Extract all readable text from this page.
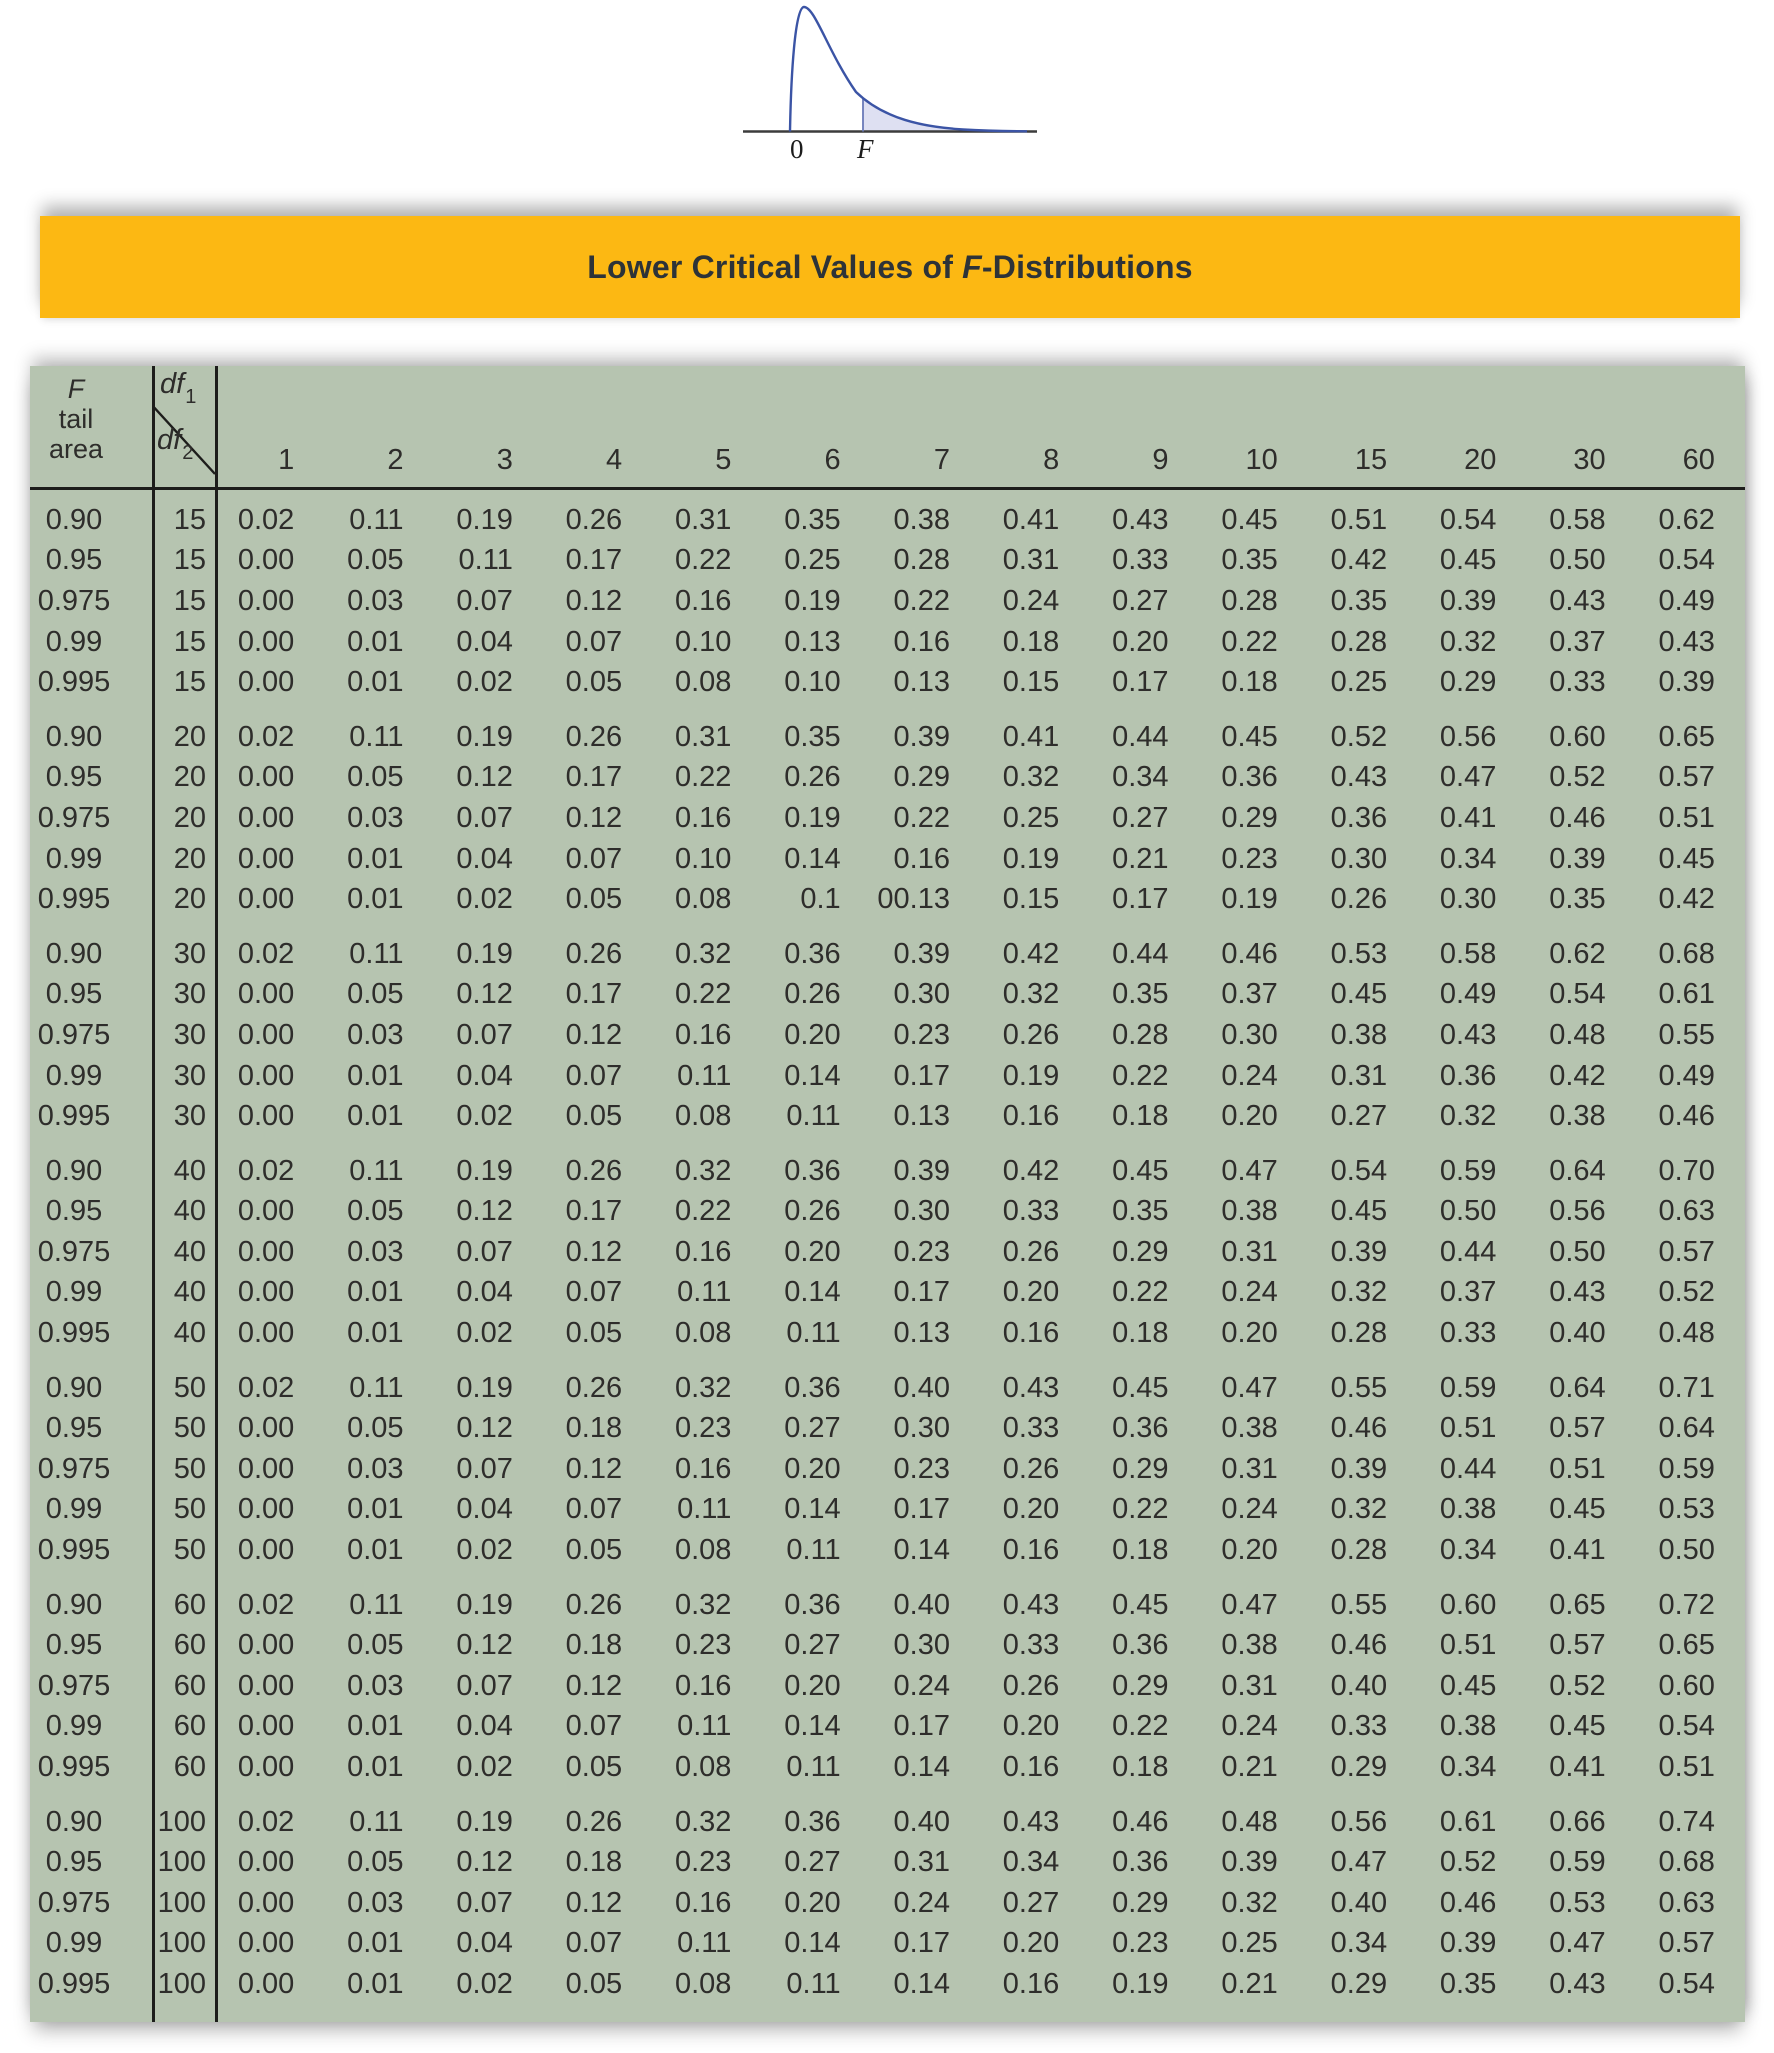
0 F
Lower Critical Values of F-Distributions
F
tail
area
$df_1$
$df_2$	1	2	3	4	5	6	7	8	9	10	15	20	30	60
0.90	15	0.02	0.11	0.19	0.26	0.31	0.35	0.38	0.41	0.43	0.45	0.51	0.54	0.58	0.62
0.95	15	0.00	0.05	0.11	0.17	0.22	0.25	0.28	0.31	0.33	0.35	0.42	0.45	0.50	0.54
0.975	15	0.00	0.03	0.07	0.12	0.16	0.19	0.22	0.24	0.27	0.28	0.35	0.39	0.43	0.49
0.99	15	0.00	0.01	0.04	0.07	0.10	0.13	0.16	0.18	0.20	0.22	0.28	0.32	0.37	0.43
0.995	15	0.00	0.01	0.02	0.05	0.08	0.10	0.13	0.15	0.17	0.18	0.25	0.29	0.33	0.39
0.90	20	0.02	0.11	0.19	0.26	0.31	0.35	0.39	0.41	0.44	0.45	0.52	0.56	0.60	0.65
0.95	20	0.00	0.05	0.12	0.17	0.22	0.26	0.29	0.32	0.34	0.36	0.43	0.47	0.52	0.57
0.975	20	0.00	0.03	0.07	0.12	0.16	0.19	0.22	0.25	0.27	0.29	0.36	0.41	0.46	0.51
0.99	20	0.00	0.01	0.04	0.07	0.10	0.14	0.16	0.19	0.21	0.23	0.30	0.34	0.39	0.45
0.995	20	0.00	0.01	0.02	0.05	0.08	0.1	00.13	0.15	0.17	0.19	0.26	0.30	0.35	0.42
0.90	30	0.02	0.11	0.19	0.26	0.32	0.36	0.39	0.42	0.44	0.46	0.53	0.58	0.62	0.68
0.95	30	0.00	0.05	0.12	0.17	0.22	0.26	0.30	0.32	0.35	0.37	0.45	0.49	0.54	0.61
0.975	30	0.00	0.03	0.07	0.12	0.16	0.20	0.23	0.26	0.28	0.30	0.38	0.43	0.48	0.55
0.99	30	0.00	0.01	0.04	0.07	0.11	0.14	0.17	0.19	0.22	0.24	0.31	0.36	0.42	0.49
0.995	30	0.00	0.01	0.02	0.05	0.08	0.11	0.13	0.16	0.18	0.20	0.27	0.32	0.38	0.46
0.90	40	0.02	0.11	0.19	0.26	0.32	0.36	0.39	0.42	0.45	0.47	0.54	0.59	0.64	0.70
0.95	40	0.00	0.05	0.12	0.17	0.22	0.26	0.30	0.33	0.35	0.38	0.45	0.50	0.56	0.63
0.975	40	0.00	0.03	0.07	0.12	0.16	0.20	0.23	0.26	0.29	0.31	0.39	0.44	0.50	0.57
0.99	40	0.00	0.01	0.04	0.07	0.11	0.14	0.17	0.20	0.22	0.24	0.32	0.37	0.43	0.52
0.995	40	0.00	0.01	0.02	0.05	0.08	0.11	0.13	0.16	0.18	0.20	0.28	0.33	0.40	0.48
0.90	50	0.02	0.11	0.19	0.26	0.32	0.36	0.40	0.43	0.45	0.47	0.55	0.59	0.64	0.71
0.95	50	0.00	0.05	0.12	0.18	0.23	0.27	0.30	0.33	0.36	0.38	0.46	0.51	0.57	0.64
0.975	50	0.00	0.03	0.07	0.12	0.16	0.20	0.23	0.26	0.29	0.31	0.39	0.44	0.51	0.59
0.99	50	0.00	0.01	0.04	0.07	0.11	0.14	0.17	0.20	0.22	0.24	0.32	0.38	0.45	0.53
0.995	50	0.00	0.01	0.02	0.05	0.08	0.11	0.14	0.16	0.18	0.20	0.28	0.34	0.41	0.50
0.90	60	0.02	0.11	0.19	0.26	0.32	0.36	0.40	0.43	0.45	0.47	0.55	0.60	0.65	0.72
0.95	60	0.00	0.05	0.12	0.18	0.23	0.27	0.30	0.33	0.36	0.38	0.46	0.51	0.57	0.65
0.975	60	0.00	0.03	0.07	0.12	0.16	0.20	0.24	0.26	0.29	0.31	0.40	0.45	0.52	0.60
0.99	60	0.00	0.01	0.04	0.07	0.11	0.14	0.17	0.20	0.22	0.24	0.33	0.38	0.45	0.54
0.995	60	0.00	0.01	0.02	0.05	0.08	0.11	0.14	0.16	0.18	0.21	0.29	0.34	0.41	0.51
0.90	100	0.02	0.11	0.19	0.26	0.32	0.36	0.40	0.43	0.46	0.48	0.56	0.61	0.66	0.74
0.95	100	0.00	0.05	0.12	0.18	0.23	0.27	0.31	0.34	0.36	0.39	0.47	0.52	0.59	0.68
0.975	100	0.00	0.03	0.07	0.12	0.16	0.20	0.24	0.27	0.29	0.32	0.40	0.46	0.53	0.63
0.99	100	0.00	0.01	0.04	0.07	0.11	0.14	0.17	0.20	0.23	0.25	0.34	0.39	0.47	0.57
0.995	100	0.00	0.01	0.02	0.05	0.08	0.11	0.14	0.16	0.19	0.21	0.29	0.35	0.43	0.54
